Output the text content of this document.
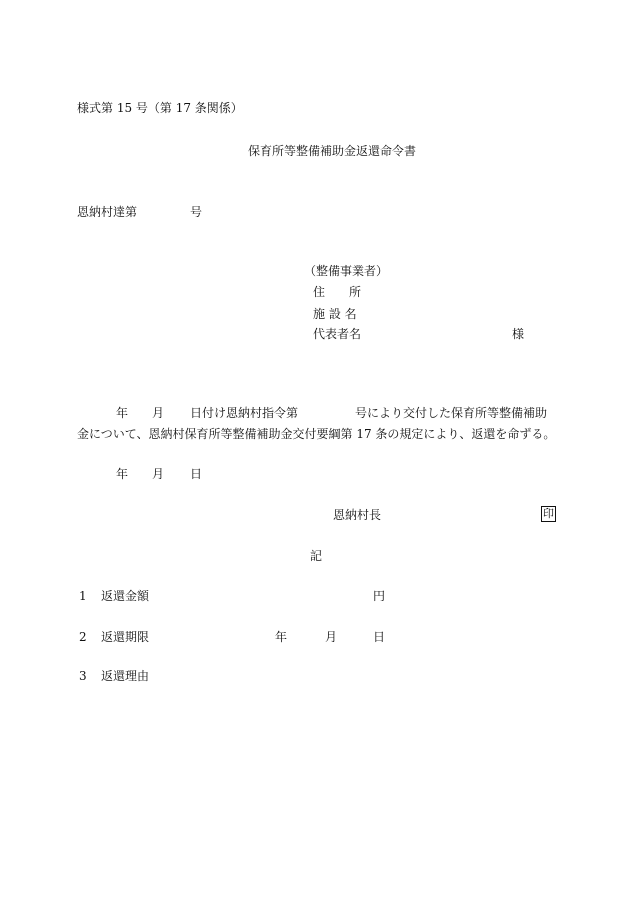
様式第 15 号（第 17 条関係）
保育所等整備補助金返還命令書
恩納村達第	号
（整備事業者）
住　　所
施 設 名
代表者名	様
年 月 日付け恩納村指令第	号により交付した保育所等整備補助
金について、恩納村保育所等整備補助金交付要綱第 17 条の規定により、返還を命ずる。
年 月 日
恩納村長	印
記
1 返還金額	円
2 返還期限	年	月	日
3 返還理由
